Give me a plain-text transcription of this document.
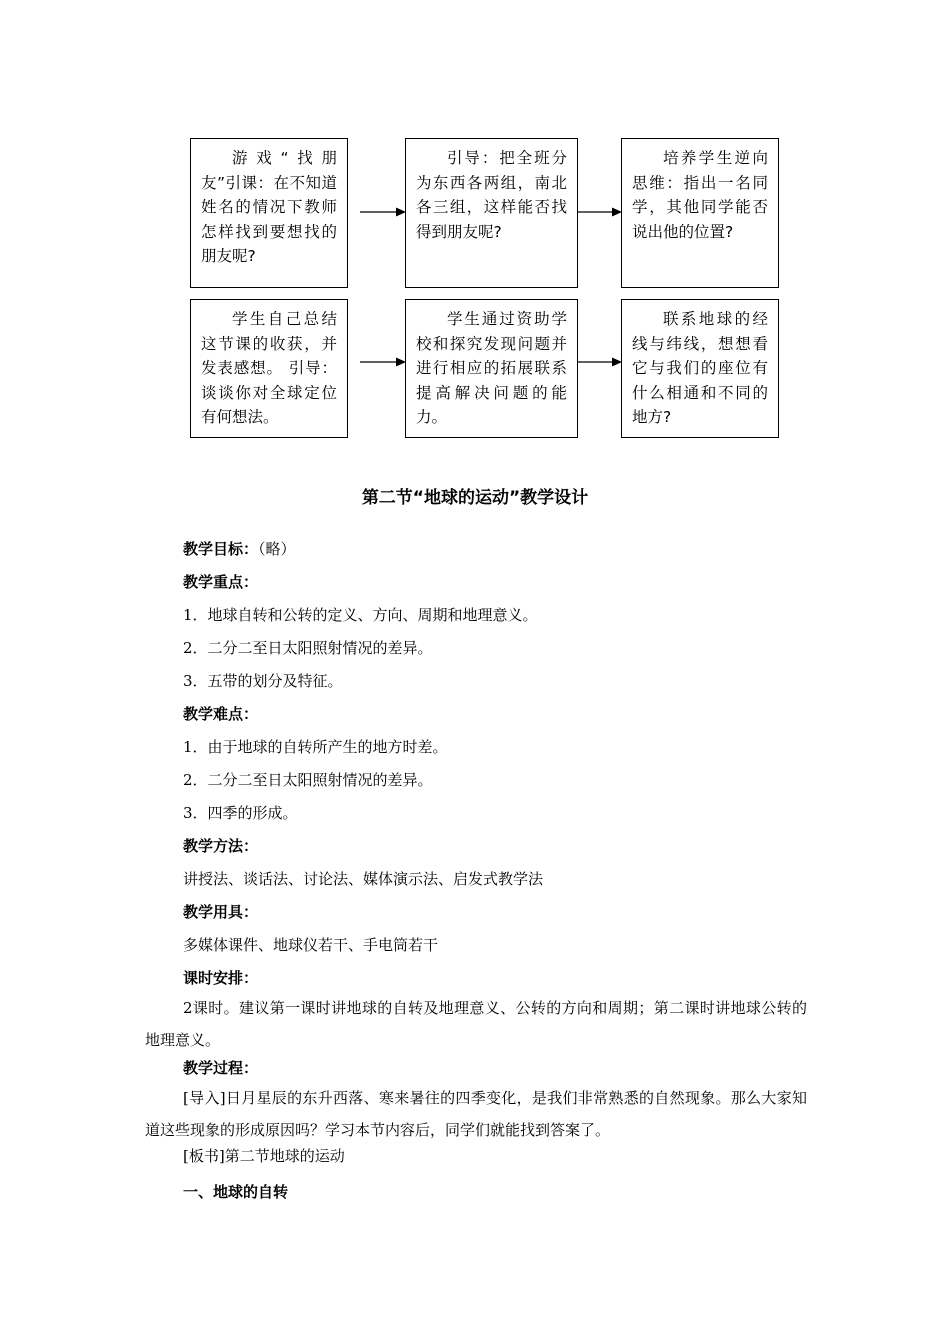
游戏“找朋友”引课：在不知道姓名的情况下教师怎样找到要想找的朋友呢?
引导：把全班分为东西各两组，南北各三组，这样能否找得到朋友呢?
培养学生逆向思维：指出一名同学，其他同学能否说出他的位置?
学生自己总结这节课的收获，并发表感想。 引导：谈谈你对全球定位有何想法。
学生通过资助学校和探究发现问题并进行相应的拓展联系提高解决问题的能力。
联系地球的经线与纬线，想想看它与我们的座位有什么相通和不同的地方?
第二节“地球的运动”教学设计
教学目标：（略）
教学重点：
1．地球自转和公转的定义、方向、周期和地理意义。
2．二分二至日太阳照射情况的差异。
3．五带的划分及特征。
教学难点：
1．由于地球的自转所产生的地方时差。
2．二分二至日太阳照射情况的差异。
3．四季的形成。
教学方法：
讲授法、谈话法、讨论法、媒体演示法、启发式教学法
教学用具：
多媒体课件、地球仪若干、手电筒若干
课时安排：
2课时。建议第一课时讲地球的自转及地理意义、公转的方向和周期；第二课时讲地球公转的地理意义。
教学过程：
[导入]日月星辰的东升西落、寒来暑往的四季变化，是我们非常熟悉的自然现象。那么大家知道这些现象的形成原因吗？学习本节内容后，同学们就能找到答案了。
[板书]第二节地球的运动
一、地球的自转
